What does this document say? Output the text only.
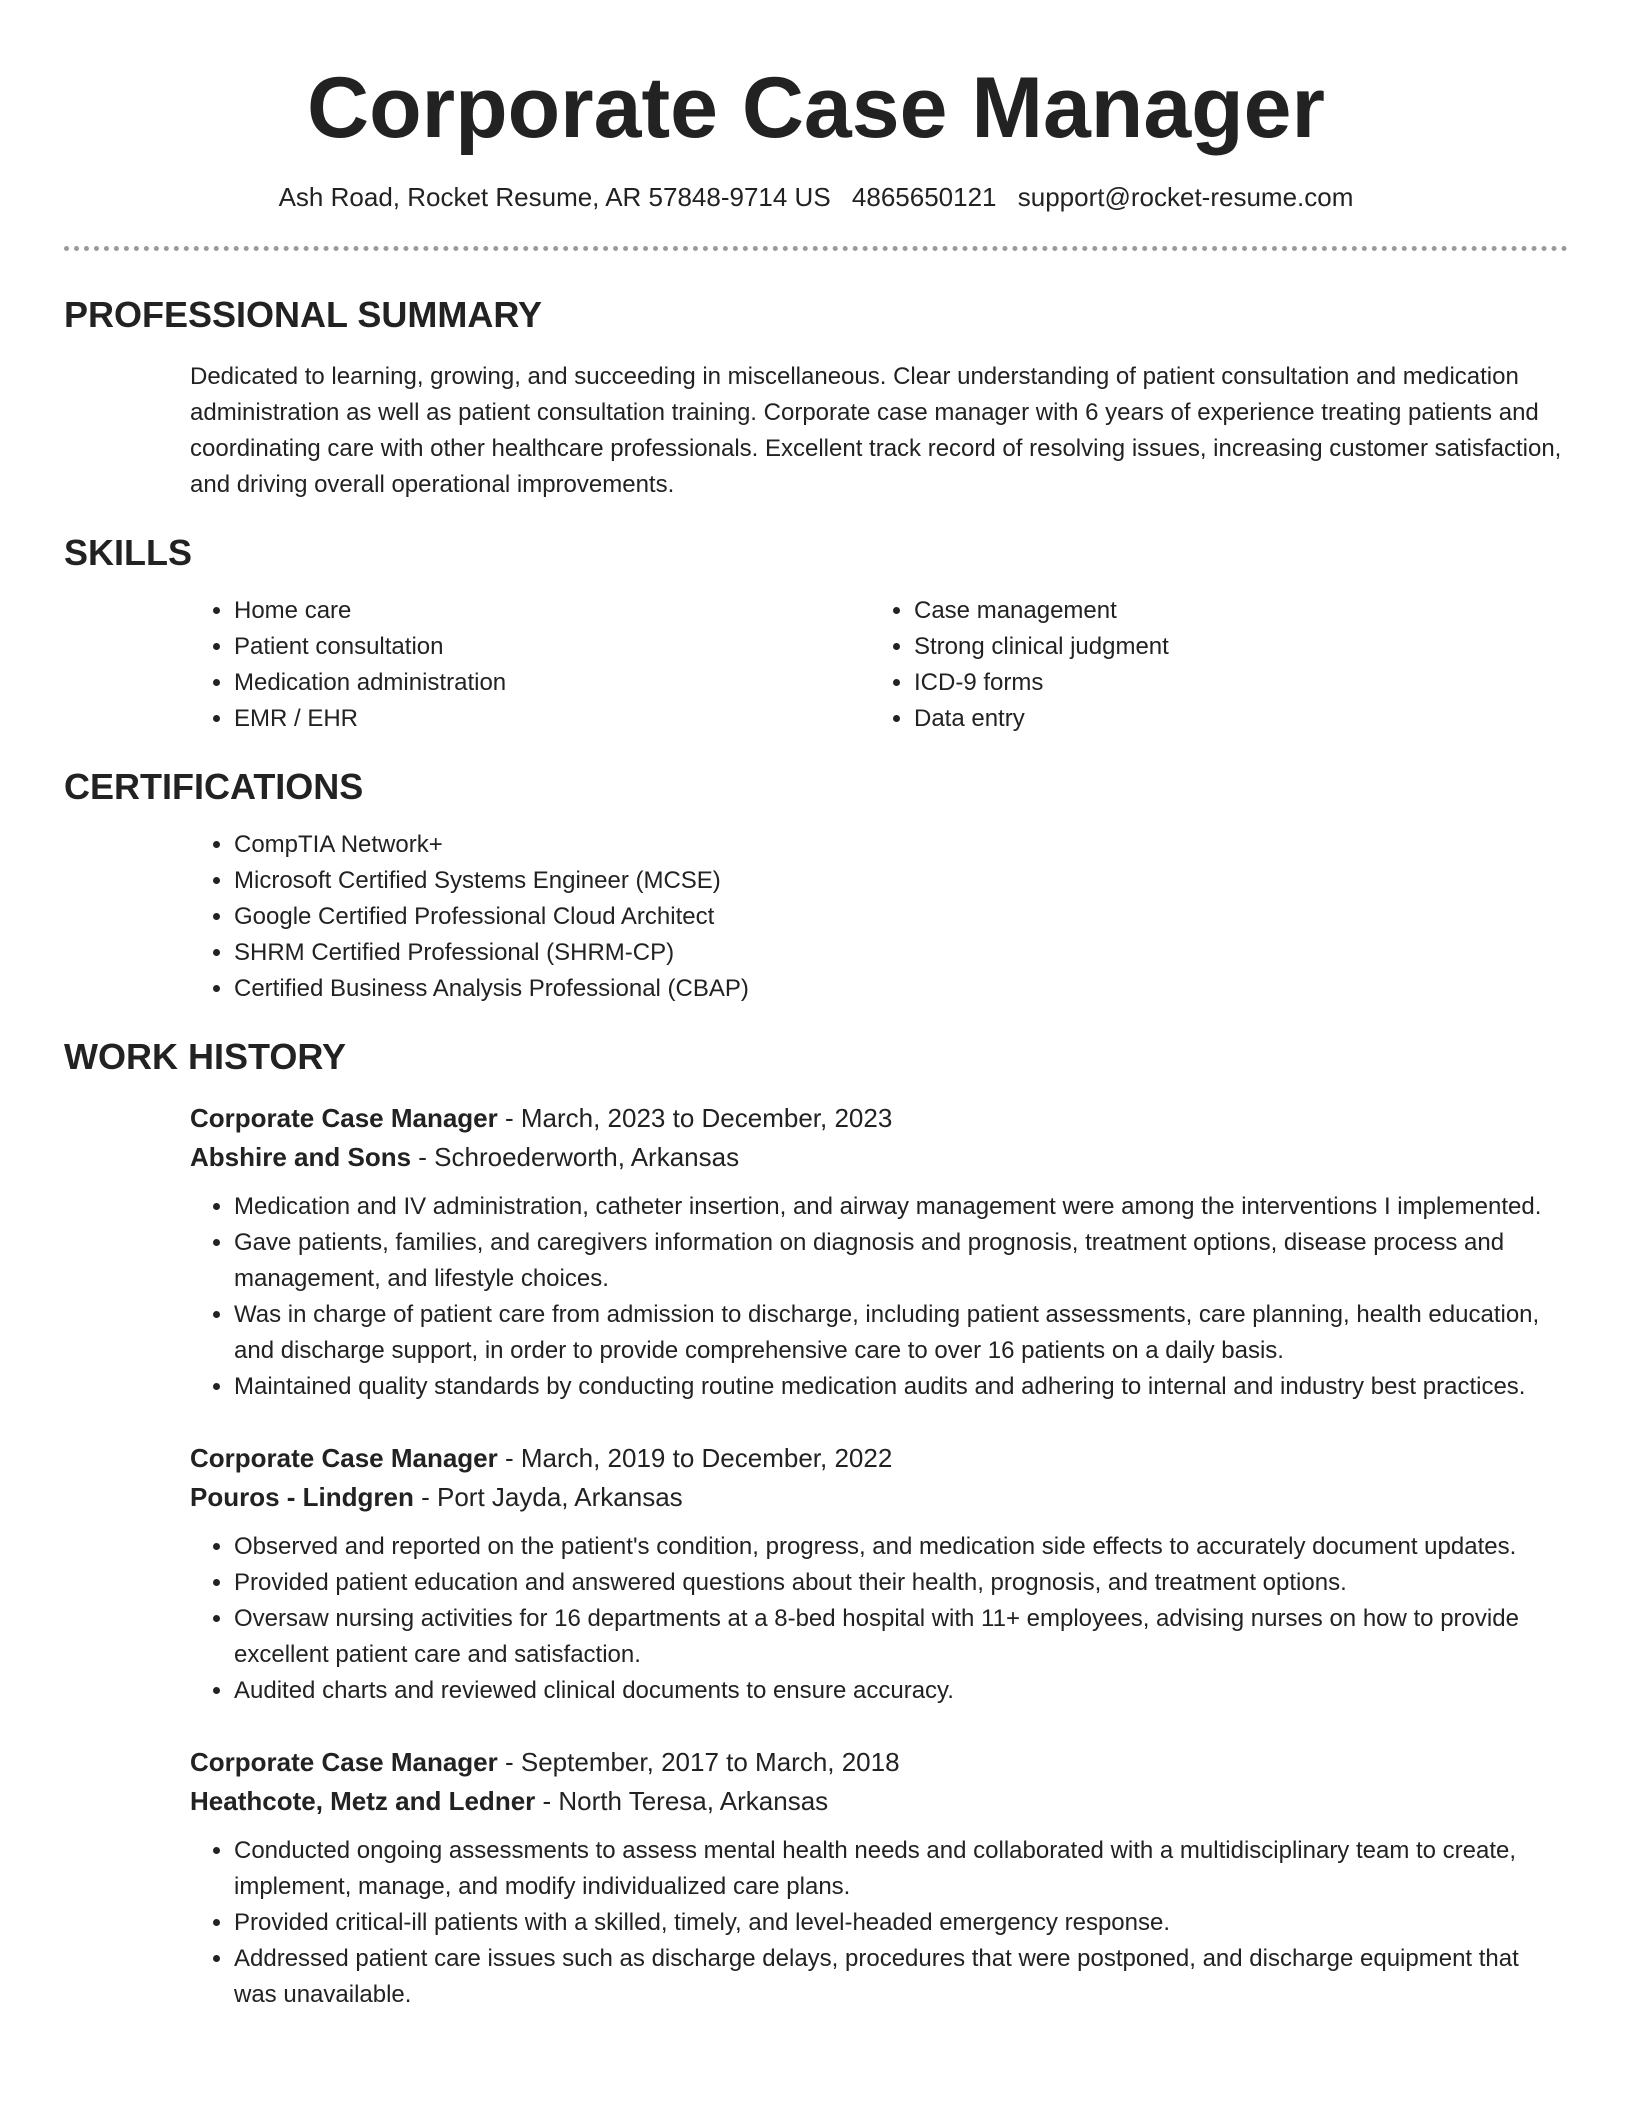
Corporate Case Manager
Ash Road, Rocket Resume, AR 57848-9714 US 4865650121 support@rocket-resume.com
PROFESSIONAL SUMMARY

Dedicated to learning, growing, and succeeding in miscellaneous. Clear understanding of patient consultation and medication administration as well as patient consultation training. Corporate case manager with 6 years of experience treating patients and coordinating care with other healthcare professionals. Excellent track record of resolving issues, increasing customer satisfaction, and driving overall operational improvements.

SKILLS
• Home care
• Patient consultation
• Medication administration
• EMR / EHR
• Case management
• Strong clinical judgment
• ICD-9 forms
• Data entry
CERTIFICATIONS
• CompTIA Network+
• Microsoft Certified Systems Engineer (MCSE)
• Google Certified Professional Cloud Architect
• SHRM Certified Professional (SHRM-CP)
• Certified Business Analysis Professional (CBAP)
WORK HISTORY
Corporate Case Manager - March, 2023 to December, 2023
Abshire and Sons - Schroederworth, Arkansas
• Medication and IV administration, catheter insertion, and airway management were among the interventions I implemented.
• Gave patients, families, and caregivers information on diagnosis and prognosis, treatment options, disease process and management, and lifestyle choices.
• Was in charge of patient care from admission to discharge, including patient assessments, care planning, health education, and discharge support, in order to provide comprehensive care to over 16 patients on a daily basis.
• Maintained quality standards by conducting routine medication audits and adhering to internal and industry best practices.
Corporate Case Manager - March, 2019 to December, 2022
Pouros - Lindgren - Port Jayda, Arkansas
• Observed and reported on the patient's condition, progress, and medication side effects to accurately document updates.
• Provided patient education and answered questions about their health, prognosis, and treatment options.
• Oversaw nursing activities for 16 departments at a 8-bed hospital with 11+ employees, advising nurses on how to provide excellent patient care and satisfaction.
• Audited charts and reviewed clinical documents to ensure accuracy.
Corporate Case Manager - September, 2017 to March, 2018
Heathcote, Metz and Ledner - North Teresa, Arkansas
• Conducted ongoing assessments to assess mental health needs and collaborated with a multidisciplinary team to create, implement, manage, and modify individualized care plans.
• Provided critical-ill patients with a skilled, timely, and level-headed emergency response.
• Addressed patient care issues such as discharge delays, procedures that were postponed, and discharge equipment that was unavailable.
